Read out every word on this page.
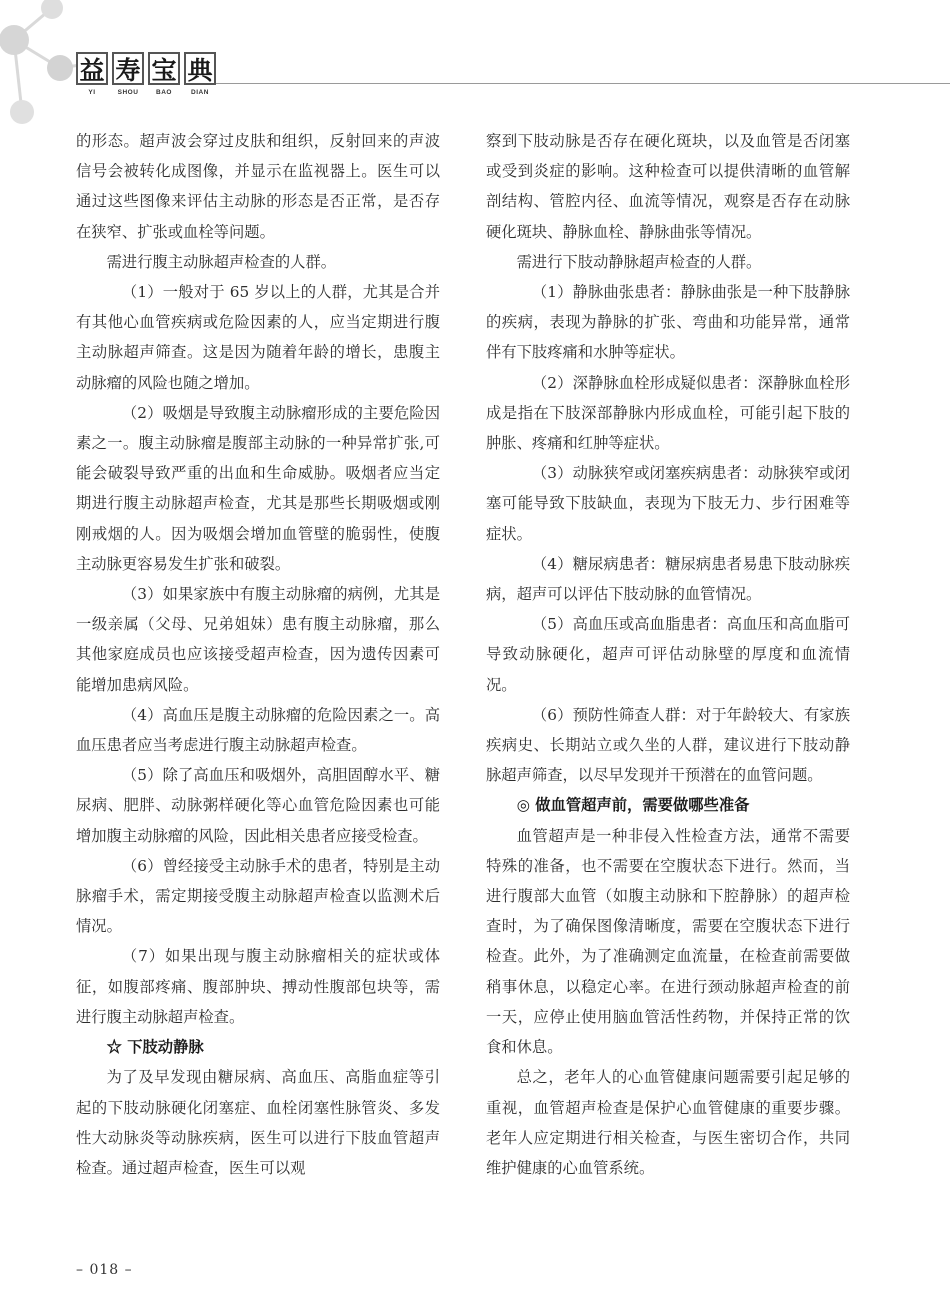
益 寿 宝 典
YI	SHOU	BAO	DIAN
的形态。超声波会穿过皮肤和组织，反射回来的声波信号会被转化成图像，并显示在监视器上。医生可以通过这些图像来评估主动脉的形态是否正常，是否存在狭窄、扩张或血栓等问题。
需进行腹主动脉超声检查的人群。
（1）一般对于 65 岁以上的人群，尤其是合并有其他心血管疾病或危险因素的人，应当定期进行腹主动脉超声筛查。这是因为随着年龄的增长，患腹主动脉瘤的风险也随之增加。
（2）吸烟是导致腹主动脉瘤形成的主要危险因素之一。腹主动脉瘤是腹部主动脉的一种异常扩张,可能会破裂导致严重的出血和生命威胁。吸烟者应当定期进行腹主动脉超声检查，尤其是那些长期吸烟或刚刚戒烟的人。因为吸烟会增加血管壁的脆弱性，使腹主动脉更容易发生扩张和破裂。
（3）如果家族中有腹主动脉瘤的病例，尤其是一级亲属（父母、兄弟姐妹）患有腹主动脉瘤，那么其他家庭成员也应该接受超声检查，因为遗传因素可能增加患病风险。
（4）高血压是腹主动脉瘤的危险因素之一。高血压患者应当考虑进行腹主动脉超声检查。
（5）除了高血压和吸烟外，高胆固醇水平、糖尿病、肥胖、动脉粥样硬化等心血管危险因素也可能增加腹主动脉瘤的风险，因此相关患者应接受检查。
（6）曾经接受主动脉手术的患者，特别是主动脉瘤手术，需定期接受腹主动脉超声检查以监测术后情况。
（7）如果出现与腹主动脉瘤相关的症状或体征，如腹部疼痛、腹部肿块、搏动性腹部包块等，需进行腹主动脉超声检查。
☆ 下肢动静脉
为了及早发现由糖尿病、高血压、高脂血症等引起的下肢动脉硬化闭塞症、血栓闭塞性脉管炎、多发性大动脉炎等动脉疾病，医生可以进行下肢血管超声检查。通过超声检查，医生可以观
察到下肢动脉是否存在硬化斑块，以及血管是否闭塞或受到炎症的影响。这种检查可以提供清晰的血管解剖结构、管腔内径、血流等情况，观察是否存在动脉硬化斑块、静脉血栓、静脉曲张等情况。
需进行下肢动静脉超声检查的人群。
（1）静脉曲张患者：静脉曲张是一种下肢静脉的疾病，表现为静脉的扩张、弯曲和功能异常，通常伴有下肢疼痛和水肿等症状。
（2）深静脉血栓形成疑似患者：深静脉血栓形成是指在下肢深部静脉内形成血栓，可能引起下肢的肿胀、疼痛和红肿等症状。
（3）动脉狭窄或闭塞疾病患者：动脉狭窄或闭塞可能导致下肢缺血，表现为下肢无力、步行困难等症状。
（4）糖尿病患者：糖尿病患者易患下肢动脉疾病，超声可以评估下肢动脉的血管情况。
（5）高血压或高血脂患者：高血压和高血脂可导致动脉硬化，超声可评估动脉壁的厚度和血流情况。
（6）预防性筛查人群：对于年龄较大、有家族疾病史、长期站立或久坐的人群，建议进行下肢动静脉超声筛查，以尽早发现并干预潜在的血管问题。
◎ 做血管超声前，需要做哪些准备
血管超声是一种非侵入性检查方法，通常不需要特殊的准备，也不需要在空腹状态下进行。然而，当进行腹部大血管（如腹主动脉和下腔静脉）的超声检查时，为了确保图像清晰度，需要在空腹状态下进行检查。此外，为了准确测定血流量，在检查前需要做稍事休息，以稳定心率。在进行颈动脉超声检查的前一天，应停止使用脑血管活性药物，并保持正常的饮食和休息。
总之，老年人的心血管健康问题需要引起足够的重视，血管超声检查是保护心血管健康的重要步骤。老年人应定期进行相关检查，与医生密切合作，共同维护健康的心血管系统。
– 018 –
